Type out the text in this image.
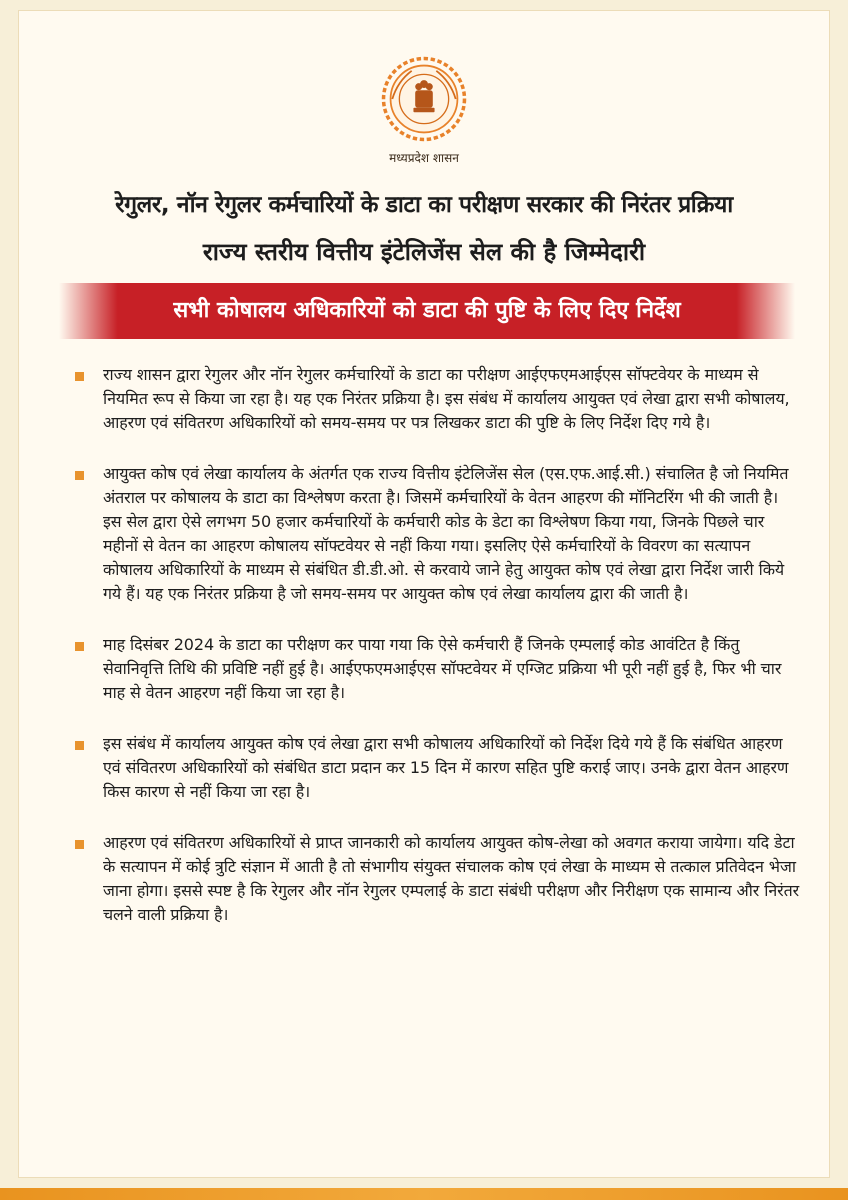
मध्यप्रदेश शासन
रेगुलर, नॉन रेगुलर कर्मचारियों के डाटा का परीक्षण सरकार की निरंतर प्रक्रिया
राज्य स्तरीय वित्तीय इंटेलिजेंस सेल की है जिम्मेदारी
सभी कोषालय अधिकारियों को डाटा की पुष्टि के लिए दिए निर्देश
राज्य शासन द्वारा रेगुलर और नॉन रेगुलर कर्मचारियों के डाटा का परीक्षण आईएफएमआईएस सॉफ्टवेयर के माध्यम से नियमित रूप से किया जा रहा है। यह एक निरंतर प्रक्रिया है। इस संबंध में कार्यालय आयुक्त एवं लेखा द्वारा सभी कोषालय, आहरण एवं संवितरण अधिकारियों को समय-समय पर पत्र लिखकर डाटा की पुष्टि के लिए निर्देश दिए गये है।
आयुक्त कोष एवं लेखा कार्यालय के अंतर्गत एक राज्य वित्तीय इंटेलिजेंस सेल (एस.एफ.आई.सी.) संचालित है जो नियमित अंतराल पर कोषालय के डाटा का विश्लेषण करता है। जिसमें कर्मचारियों के वेतन आहरण की मॉनिटरिंग भी की जाती है। इस सेल द्वारा ऐसे लगभग 50 हजार कर्मचारियों के कर्मचारी कोड के डेटा का विश्लेषण किया गया, जिनके पिछले चार महीनों से वेतन का आहरण कोषालय सॉफ्टवेयर से नहीं किया गया। इसलिए ऐसे कर्मचारियों के विवरण का सत्यापन कोषालय अधिकारियों के माध्यम से संबंधित डी.डी.ओ. से करवाये जाने हेतु आयुक्त कोष एवं लेखा द्वारा निर्देश जारी किये गये हैं। यह एक निरंतर प्रक्रिया है जो समय-समय पर आयुक्त कोष एवं लेखा कार्यालय द्वारा की जाती है।
माह दिसंबर 2024 के डाटा का परीक्षण कर पाया गया कि ऐसे कर्मचारी हैं जिनके एम्पलाई कोड आवंटित है किंतु सेवानिवृत्ति तिथि की प्रविष्टि नहीं हुई है। आईएफएमआईएस सॉफ्टवेयर में एग्जिट प्रक्रिया भी पूरी नहीं हुई है, फिर भी चार माह से वेतन आहरण नहीं किया जा रहा है।
इस संबंध में कार्यालय आयुक्त कोष एवं लेखा द्वारा सभी कोषालय अधिकारियों को निर्देश दिये गये हैं कि संबंधित आहरण एवं संवितरण अधिकारियों को संबंधित डाटा प्रदान कर 15 दिन में कारण सहित पुष्टि कराई जाए। उनके द्वारा वेतन आहरण किस कारण से नहीं किया जा रहा है।
आहरण एवं संवितरण अधिकारियों से प्राप्त जानकारी को कार्यालय आयुक्त कोष-लेखा को अवगत कराया जायेगा। यदि डेटा के सत्यापन में कोई त्रुटि संज्ञान में आती है तो संभागीय संयुक्त संचालक कोष एवं लेखा के माध्यम से तत्काल प्रतिवेदन भेजा जाना होगा। इससे स्पष्ट है कि रेगुलर और नॉन रेगुलर एम्पलाई के डाटा संबंधी परीक्षण और निरीक्षण एक सामान्य और निरंतर चलने वाली प्रक्रिया है।
